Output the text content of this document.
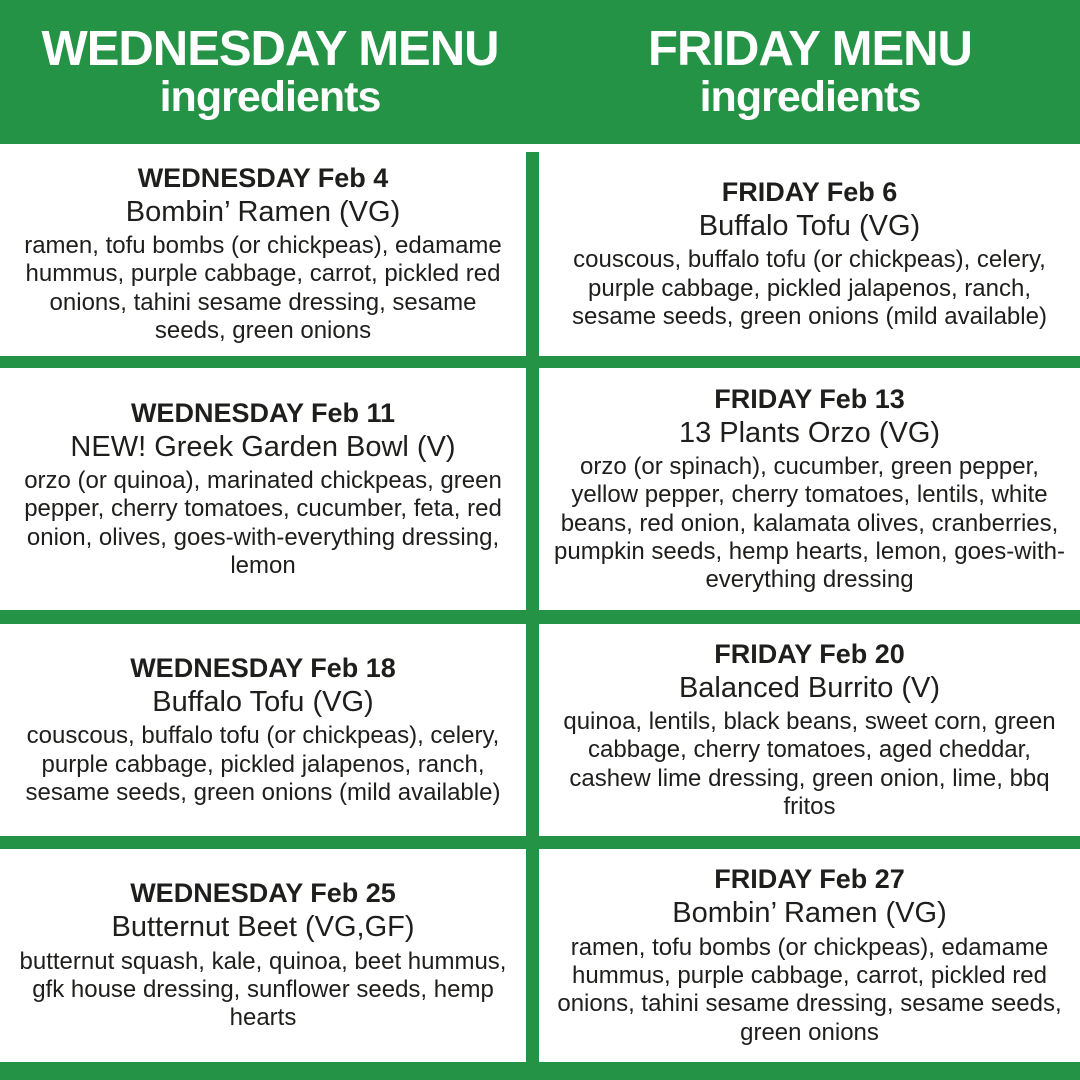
WEDNESDAY MENU
ingredients
FRIDAY MENU
ingredients
WEDNESDAY Feb 4
Bombin’ Ramen (VG)
ramen, tofu bombs (or chickpeas), edamame hummus, purple cabbage, carrot, pickled red onions, tahini sesame dressing, sesame seeds, green onions
FRIDAY Feb 6
Buffalo Tofu (VG)
couscous, buffalo tofu (or chickpeas), celery, purple cabbage, pickled jalapenos, ranch, sesame seeds, green onions (mild available)
WEDNESDAY Feb 11
NEW! Greek Garden Bowl (V)
orzo (or quinoa), marinated chickpeas, green pepper, cherry tomatoes, cucumber, feta, red onion, olives, goes-with-everything dressing, lemon
FRIDAY Feb 13
13 Plants Orzo (VG)
orzo (or spinach), cucumber, green pepper, yellow pepper, cherry tomatoes, lentils, white beans, red onion, kalamata olives, cranberries, pumpkin seeds, hemp hearts, lemon, goes-with-everything dressing
WEDNESDAY Feb 18
Buffalo Tofu (VG)
couscous, buffalo tofu (or chickpeas), celery, purple cabbage, pickled jalapenos, ranch, sesame seeds, green onions (mild available)
FRIDAY Feb 20
Balanced Burrito (V)
quinoa, lentils, black beans, sweet corn, green cabbage, cherry tomatoes, aged cheddar, cashew lime dressing, green onion, lime, bbq fritos
WEDNESDAY Feb 25
Butternut Beet (VG,GF)
butternut squash, kale, quinoa, beet hummus, gfk house dressing, sunflower seeds, hemp hearts
FRIDAY Feb 27
Bombin’ Ramen (VG)
ramen, tofu bombs (or chickpeas), edamame hummus, purple cabbage, carrot, pickled red onions, tahini sesame dressing, sesame seeds, green onions
